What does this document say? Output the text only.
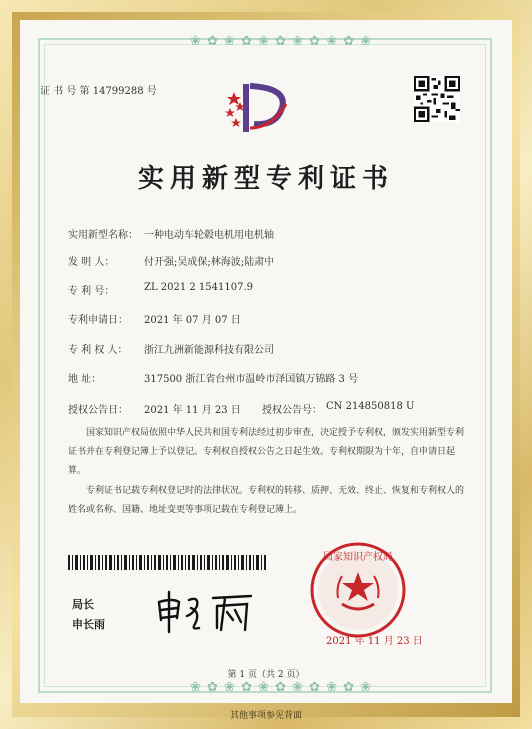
❀ ✿ ❀ ✿ ❀ ✿ ❀ ✿ ❀ ✿ ❀
❀ ✿ ❀ ✿ ❀ ✿ ❀ ✿ ❀ ✿ ❀
证 书 号 第 14799288 号
实用新型专利证书
实用新型名称： 一种电动车轮毂电机用电机轴
发 明 人：	付开强;吴成保;林海波;陆肃中
专 利 号：	ZL 2021 2 1541107.9
专利申请日： 2021 年 07 月 07 日
专 利 权 人： 浙江九洲新能源科技有限公司
地 址：	317500 浙江省台州市温岭市泽国镇万锦路 3 号
授权公告日： 2021 年 11 月 23 日 授权公告号： CN 214850818 U
国家知识产权局依照中华人民共和国专利法经过初步审查，决定授予专利权，颁发实用新型专利证书并在专利登记簿上予以登记。专利权自授权公告之日起生效。专利权期限为十年，自申请日起算。
专利证书记载专利权登记时的法律状况。专利权的转移、质押、无效、终止、恢复和专利权人的姓名或名称、国籍、地址变更等事项记载在专利登记簿上。
局长
申长雨
国家知识产权局
2021 年 11 月 23 日
第 1 页（共 2 页）
其他事项参见背面
